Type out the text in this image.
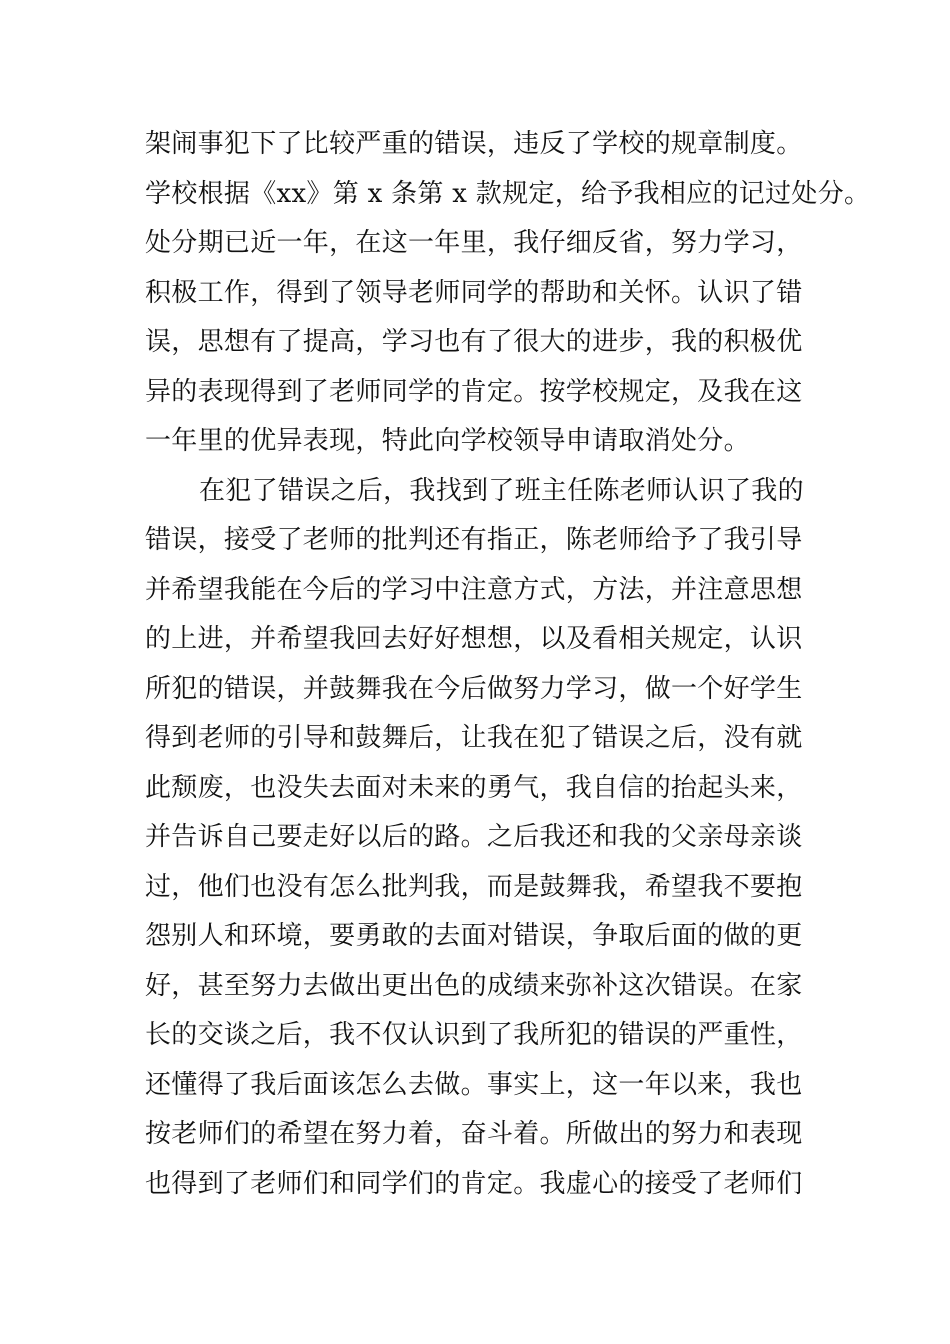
架闹事犯下了比较严重的错误，违反了学校的规章制度。
学校根据《xx》第 x 条第 x 款规定，给予我相应的记过处分。
处分期已近一年，在这一年里，我仔细反省，努力学习，
积极工作，得到了领导老师同学的帮助和关怀。认识了错
误，思想有了提高，学习也有了很大的进步，我的积极优
异的表现得到了老师同学的肯定。按学校规定，及我在这
一年里的优异表现，特此向学校领导申请取消处分。
在犯了错误之后，我找到了班主任陈老师认识了我的
错误，接受了老师的批判还有指正，陈老师给予了我引导
并希望我能在今后的学习中注意方式，方法，并注意思想
的上进，并希望我回去好好想想，以及看相关规定，认识
所犯的错误，并鼓舞我在今后做努力学习，做一个好学生
得到老师的引导和鼓舞后，让我在犯了错误之后，没有就
此颓废，也没失去面对未来的勇气，我自信的抬起头来，
并告诉自己要走好以后的路。之后我还和我的父亲母亲谈
过，他们也没有怎么批判我，而是鼓舞我，希望我不要抱
怨别人和环境，要勇敢的去面对错误，争取后面的做的更
好，甚至努力去做出更出色的成绩来弥补这次错误。在家
长的交谈之后，我不仅认识到了我所犯的错误的严重性，
还懂得了我后面该怎么去做。事实上，这一年以来，我也
按老师们的希望在努力着，奋斗着。所做出的努力和表现
也得到了老师们和同学们的肯定。我虚心的接受了老师们
